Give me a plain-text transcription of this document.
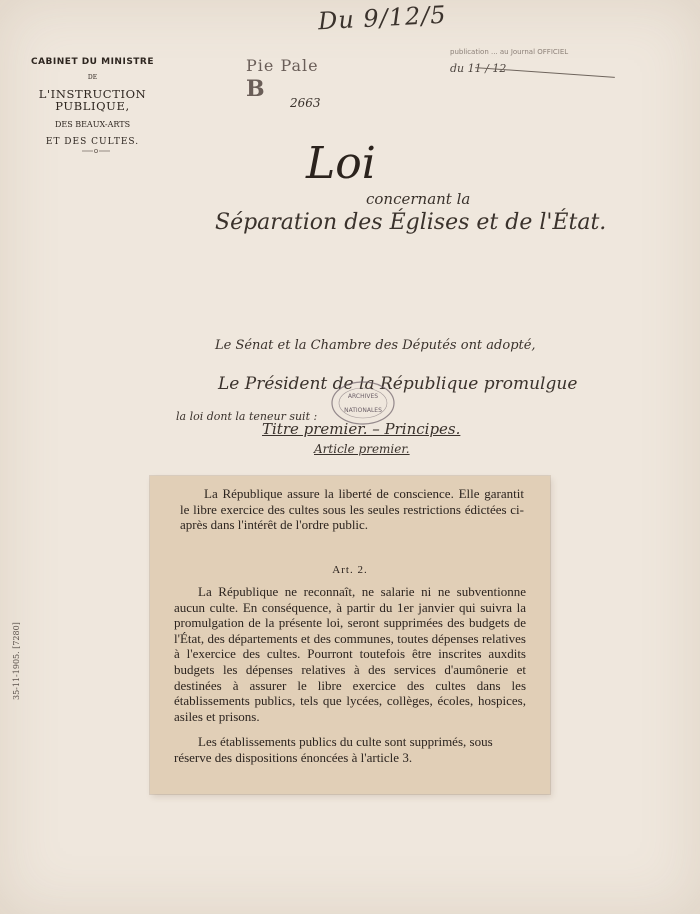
Du 9/12/5
publication ... au Journal OFFICIEL
du 11 / 12
CABINET DU MINISTRE
DE
L'INSTRUCTION PUBLIQUE,
DES BEAUX-ARTS
ET DES CULTES.
Pie Pale
B
2663
Loi
concernant la
Séparation des Églises et de l'État.
Le Sénat et la Chambre des Députés ont adopté,
Le Président de la République promulgue
la loi dont la teneur suit :
Titre premier. – Principes.
Article premier.
ARCHIVES
NATIONALES
La République assure la liberté de conscience. Elle garantit le libre exercice des cultes sous les seules restrictions édictées ci-après dans l'intérêt de l'ordre public.
Art. 2.
La République ne reconnaît, ne salarie ni ne subventionne aucun culte. En conséquence, à partir du 1er janvier qui suivra la promulgation de la présente loi, seront supprimées des budgets de l'État, des départements et des communes, toutes dépenses relatives à l'exercice des cultes. Pourront toutefois être inscrites auxdits budgets les dépenses relatives à des services d'aumônerie et destinées à assurer le libre exercice des cultes dans les établissements publics, tels que lycées, collèges, écoles, hospices, asiles et prisons.
Les établissements publics du culte sont supprimés, sous réserve des dispositions énoncées à l'article 3.
35-11-1905. [7280]
